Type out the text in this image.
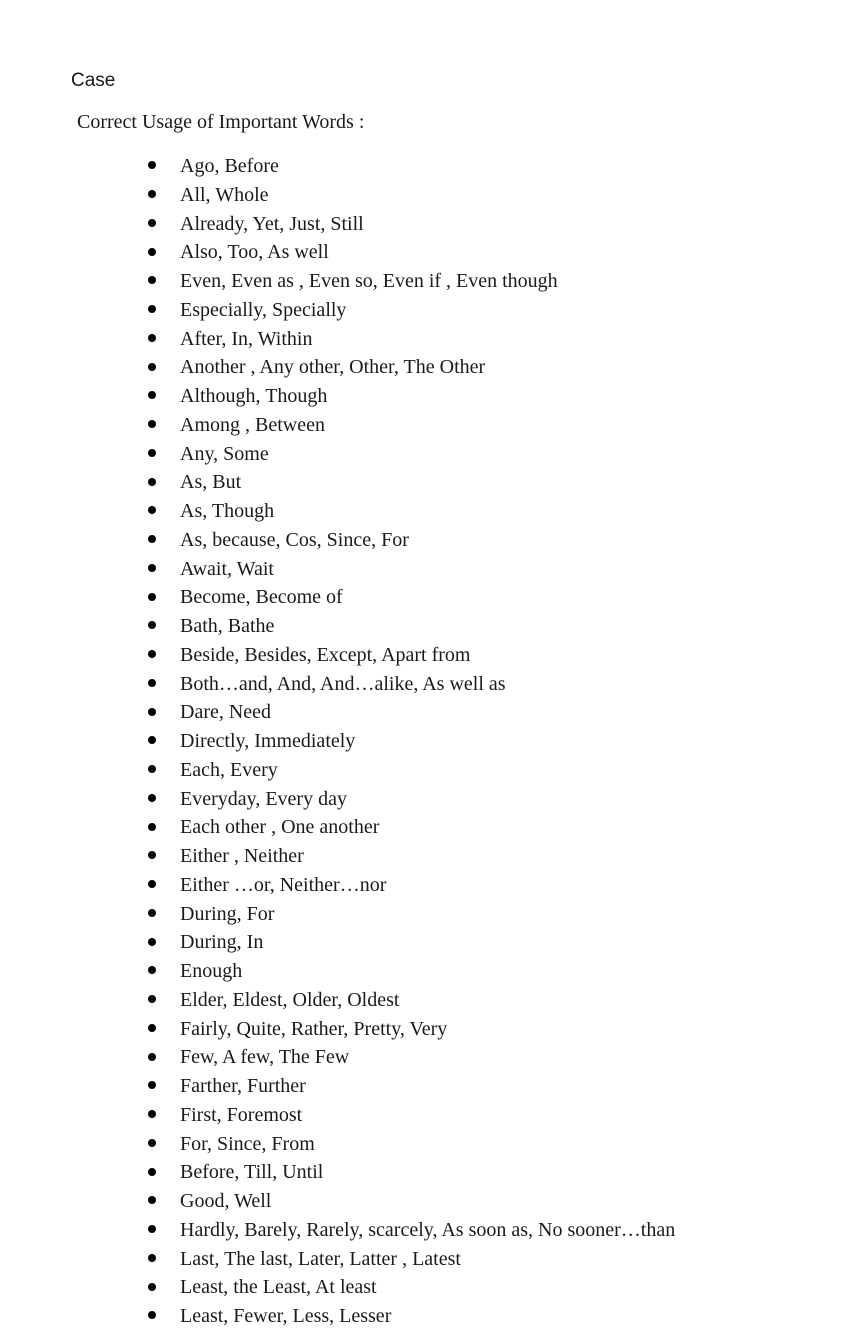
Case
Correct Usage of Important Words :
Ago, Before
All, Whole
Already, Yet, Just, Still
Also, Too, As well
Even, Even as , Even so, Even if , Even though
Especially, Specially
After, In, Within
Another , Any other, Other, The Other
Although, Though
Among , Between
Any, Some
As, But
As, Though
As, because, Cos, Since, For
Await, Wait
Become, Become of
Bath, Bathe
Beside, Besides, Except, Apart from
Both…and, And, And…alike, As well as
Dare, Need
Directly, Immediately
Each, Every
Everyday, Every day
Each other , One another
Either , Neither
Either …or, Neither…nor
During, For
During, In
Enough
Elder, Eldest, Older, Oldest
Fairly, Quite, Rather, Pretty, Very
Few, A few, The Few
Farther, Further
First, Foremost
For, Since, From
Before, Till, Until
Good, Well
Hardly, Barely, Rarely, scarcely, As soon as, No sooner…than
Last, The last, Later, Latter , Latest
Least, the Least, At least
Least, Fewer, Less, Lesser
